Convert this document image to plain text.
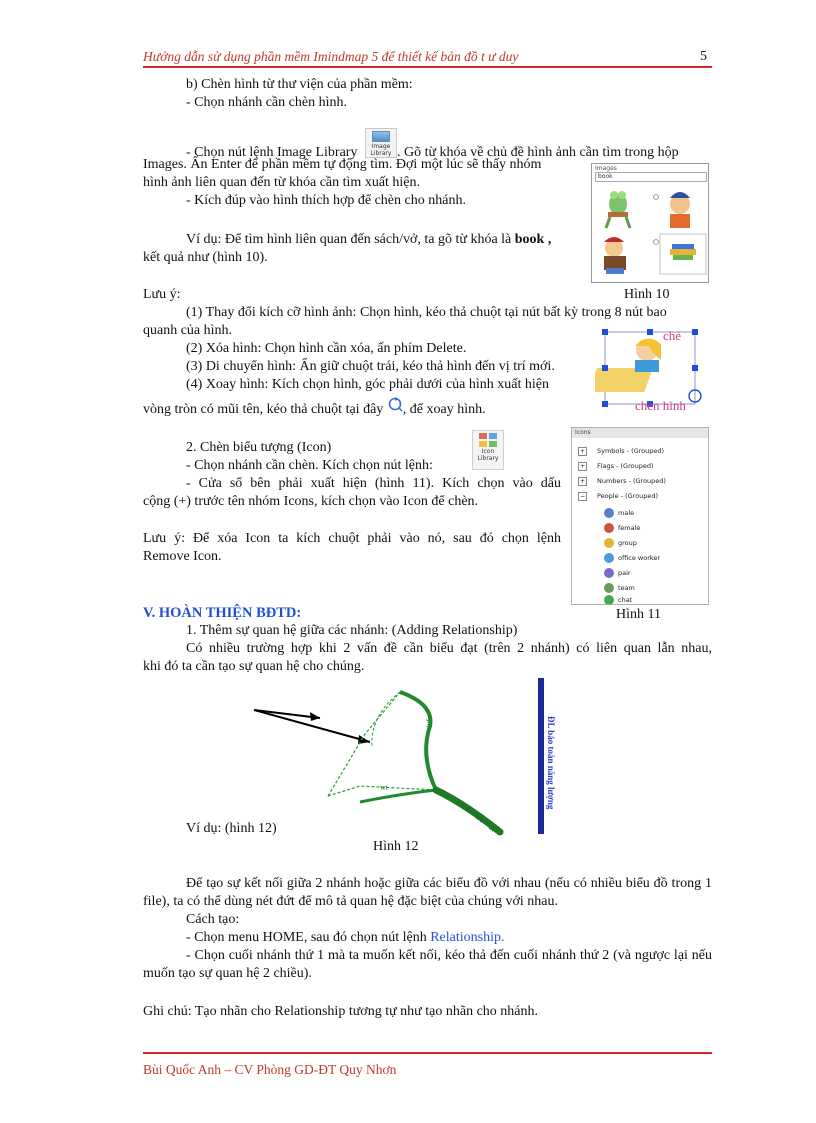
Hướng dẫn sử dụng phần mềm Imindmap 5 để thiết kế bản đồ t ư duy	5
b) Chèn hình từ thư viện của phần mềm:
- Chọn nhánh cần chèn hình.
- Chọn nút lệnh Image Library	Image
Library . Gõ từ khóa về chủ đề hình ảnh cần tìm trong hộp
Images. Ấn Enter để phần mềm tự động tìm. Đợi một lúc sẽ thấy nhóm
hình ảnh liên quan đến từ khóa cần tìm xuất hiện.
- Kích đúp vào hình thích hợp để chèn cho nhánh.
Ví dụ: Để tìm hình liên quan đến sách/vở, ta gõ từ khóa là book ,
kết quả như (hình 10).
Images
book
Hình 10
Lưu ý:
(1) Thay đổi kích cỡ hình ảnh: Chọn hình, kéo thả chuột tại nút bất kỳ trong 8 nút bao
quanh của hình.
(2) Xóa hình: Chọn hình cần xóa, ấn phím Delete.
(3) Di chuyển hình: Ấn giữ chuột trái, kéo thả hình đến vị trí mới.
(4) Xoay hình: Kích chọn hình, góc phải dưới của hình xuất hiện
vòng tròn có mũi tên, kéo thả chuột tại đây , để xoay hình.
chè
chèn hình
2. Chèn biểu tượng (Icon)
- Chọn nhánh cần chèn. Kích chọn nút lệnh:
Icon
Library
- Cửa sổ bên phải xuất hiện (hình 11). Kích chọn vào dấu
cộng (+) trước tên nhóm Icons, kích chọn vào Icon để chèn.
Lưu ý: Để xóa Icon ta kích chuột phải vào nó, sau đó chọn lệnh
Remove Icon.
Icons
+ Symbols - (Grouped)
+ Flags - (Grouped)
+ Numbers - (Grouped)
− People - (Grouped)
male
female
group
office worker
pair
team
chat
Hình 11
V. HOÀN THIỆN BĐTD:
1. Thêm sự quan hệ giữa các nhánh: (Adding Relationship)
Có nhiều trường hợp khi 2 vấn đề cần biểu đạt (trên 2 nhánh) có liên quan lẫn nhau,
khi đó ta cần tạo sự quan hệ cho chúng.
wf
wt
wđ + wt = ...
ĐL bảo toàn năng lượng
Ví dụ: (hình 12)
Hình 12
Để tạo sự kết nối giữa 2 nhánh hoặc giữa các biểu đồ với nhau (nếu có nhiều biểu đồ trong 1 file), ta có thể dùng nét đứt để mô tả quan hệ đặc biệt của chúng với nhau.
Cách tạo:
- Chọn menu HOME, sau đó chọn nút lệnh Relationship.
- Chọn cuối nhánh thứ 1 mà ta muốn kết nối, kéo thả đến cuối nhánh thứ 2 (và ngược lại nếu muốn tạo sự quan hệ 2 chiều).
Ghi chú: Tạo nhãn cho Relationship tương tự như tạo nhãn cho nhánh.
Bùi Quốc Anh – CV Phòng GD-ĐT Quy Nhơn
